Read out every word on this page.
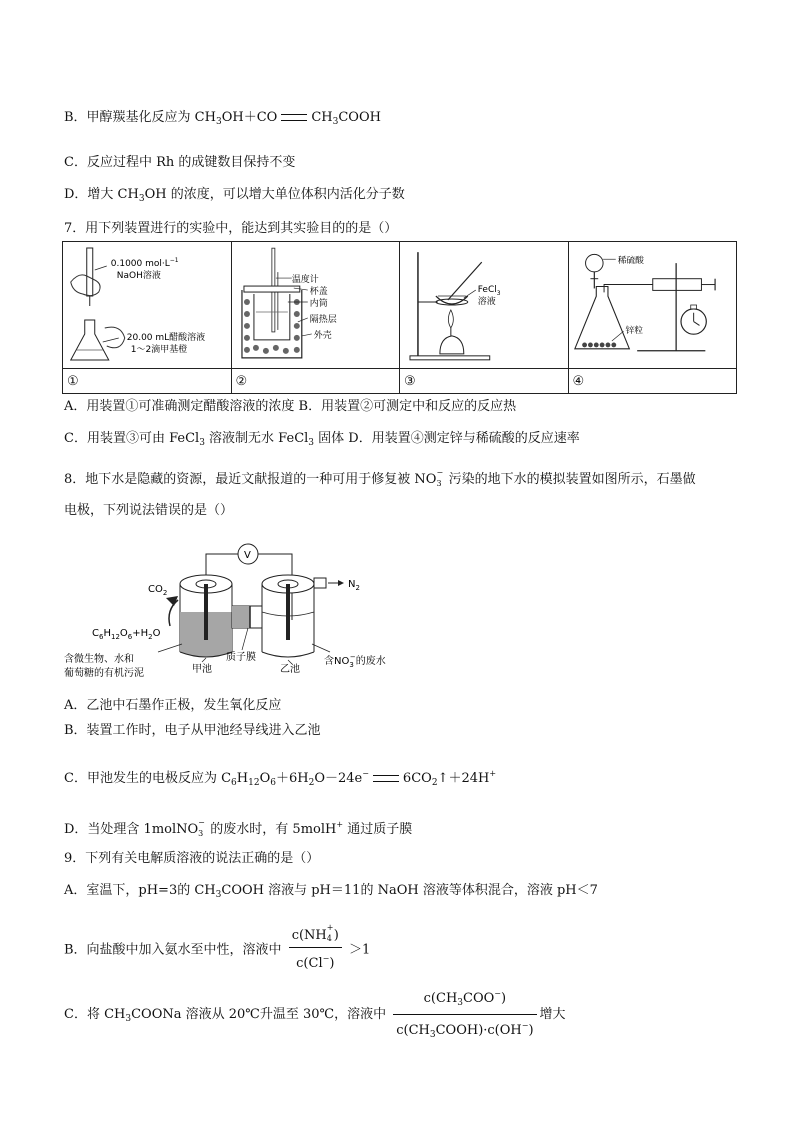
B．甲醇羰基化反应为 $CH_3OH+CO$	$CH_3COOH$
C．反应过程中 Rh 的成键数目保持不变
D．增大 $CH_3OH$ 的浓度，可以增大单位体积内活化分子数
7．用下列装置进行的实验中，能达到其实验目的的是（）
0.1000 $mol\cdot L^{-1}$
NaOH溶液
20.00 mL醋酸溶液
1～2滴甲基橙	温度计
杯盖
内筒
隔热层
外壳	FeCl$_3$
溶液	稀硫酸
锌粒

①	②	③	④
A．用装置①可准确测定醋酸溶液的浓度 B．用装置②可测定中和反应的反应热
C．用装置③可由 FeCl$_3$ 溶液制无水 FeCl$_3$ 固体 D．用装置④测定锌与稀硫酸的反应速率
8．地下水是隐藏的资源，最近文献报道的一种可用于修复被 NO −
3 污染的地下水的模拟装置如图所示，石墨做
电极，下列说法错误的是（）
V
$N_2$
$CO_2$
$C_6H_{12}O_6+H_2O$
含微生物、水和
葡萄糖的有机污泥	甲池
质子膜
乙池
含$NO_3-$的废水
A．乙池中石墨作正极，发生氧化反应
B．装置工作时，电子从甲池经导线进入乙池
C．甲池发生的电极反应为 $C_6H_{12}O_6+6H_2O-24e^-$	$6CO_2↑+24H^+$
D．当处理含 1molNO −
3 的废水时，有 5molH+ 通过质子膜
9．下列有关电解质溶液的说法正确的是（）
A．室温下，pH=3的 $CH_3COOH$ 溶液与 pH＝11的 NaOH 溶液等体积混合，溶液 pH＜7
B．向盐酸中加入氨水至中性，溶液中 c(NH
+
4 )
c(Cl−) ＞1
C．将 $CH_3COONa$ 溶液从 20℃升温至 30℃，溶液中 $\frac{c(CH_3COO^-)}{c(CH_3COOH)\cdot c(OH^-)}$ 增大
